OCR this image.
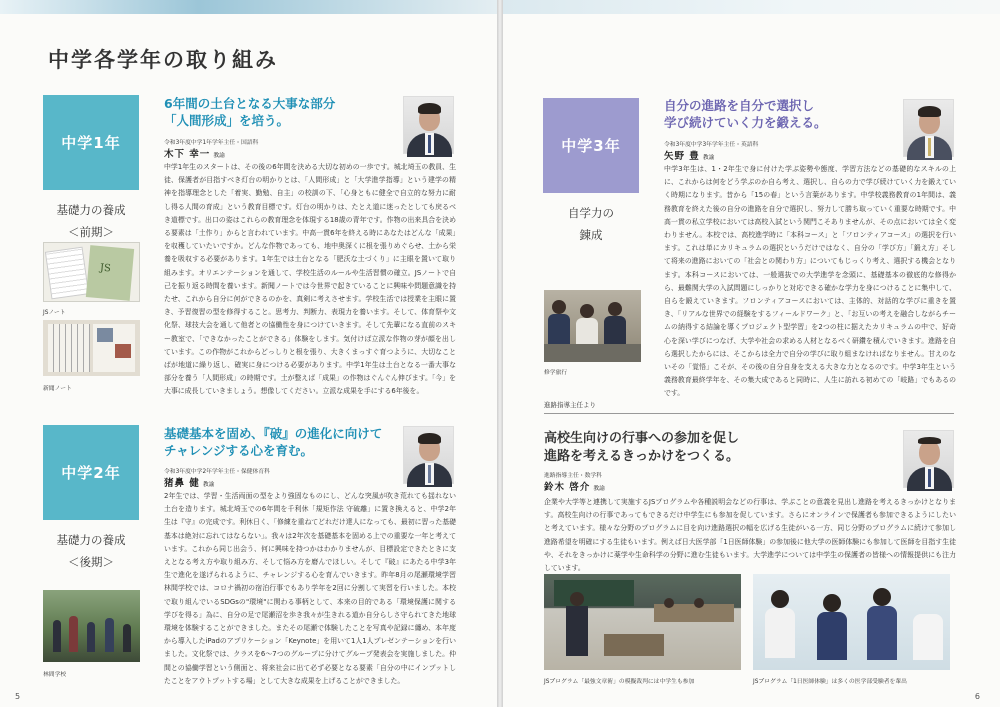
中学各学年の取り組み
中学1年
基礎力の養成
＜前期＞
6年間の土台となる大事な部分
「人間形成」を培う。
令和3年度中学1年学年主任・国語科
木下 幸一 教諭
中学1年生のスタートは、その後の6年間を決める大切な初めの一歩です。城北埼玉の教員、生徒、保護者が目指すべき灯台の明かりとは、「人間形成」と「大学進学指導」という建学の精神を指導理念とした「着実、勤勉、自主」の校訓の下、「心身ともに健全で自立的な努力に耐し得る人間の育成」という教育目標です。灯台の明かりは、たとえ道に迷ったとしても戻るべき道標です。出口の姿はこれらの教育理念を体現する18歳の青年です。作物の出来具合を決める要素は「土作り」からと言われています。中高一貫6年を終える時にあなたはどんな「成果」を収穫していたいですか。どんな作物であっても、地中奥深くに根を張りめぐらせ、土から栄養を吸収する必要があります。1年生では土台となる「肥沃な土づくり」に主眼を置いて取り組みます。オリエンテーションを通して、学校生活のルールや生活習慣の確立。JSノートで自己を振り返る時間を養います。新聞ノートでは今世界で起きていることに興味や問題意識を持たせ、これから自分に何ができるのかを、真剣に考えさせます。学校生活では授業を主眼に置き、予習復習の型を修得すること。思考力、判断力、表現力を養います。そして、体育祭や文化祭、球技大会を通して他者との協働性を身につけていきます。そして先輩になる直前のスキー教室で、「できなかったことができる」体験をします。気付けば立派な作物の芽が顔を出しています。この作物がこれからどっしりと根を張り、大きくまっすぐ育つように、大切なことばが地道に繰り返し、確実に身につける必要があります。中学1年生は土台となる一番大事な部分を養う「人間形成」の時期です。土が整えば「成果」の作物はぐんぐん伸びます。「今」を大事に成長していきましょう。想像してください。立派な成果を手にする6年後を。
JS
JSノート
新聞ノート
中学2年
基礎力の養成
＜後期＞
基礎基本を固め、『破』の進化に向けて
チャレンジする心を育む。
令和3年度中学2年学年主任・保健体育科
猪鼻 健 教諭
2年生では、学習・生活両面の型をより強固なものにし、どんな突風が吹き荒れても揺れない土台を造ります。城北埼玉での6年間を千利休「規矩作法 守破離」に置き換えると、中学2年生は『守』の完成です。利休日く、「修練を重ねてどれだけ達人になっても、最初に習った基礎基本は絶対に忘れてはならない」。我々は2年次を基礎基本を固める上での重要な一年と考えています。これから同じ出会う、何に興味を持つかはわかりませんが、目標設定できたときに支えとなる考え方や取り組み方、そして悩み方を磨んでほしい。そして『破』にあたる中学3年生で進化を遂げられるように、チャレンジする心を育んでいきます。昨年8月の尾瀬環境学習林間学校では、コロナ禍初の宿泊行事でもあり学年を2回に分割して実習を行いました。本校で取り組んでいるSDGsの"環境"に関わる事柄として、本来の目的である「環境保護に関する学びを得る」為に、自分の足で尾瀬沼を歩き我々が生きれる道か自分らしさ守られてきた地球環境を体験することができました。またその尾瀬で体験したことを写真や記録に纏め、本年度から導入したiPadのアプリケーション「Keynote」を用いて1人1人プレゼンテーションを行いました。文化祭では、クラスを6～7つのグループに分けてグループ発表会を実施しました。仲間との協働学習という側面と、将来社会に出て必ず必要となる要素「自分の中にインプットしたことをアウトプットする場」として大きな成果を上げることができました。
林間学校
5	6
中学3年
自学力の
錬成
自分の進路を自分で選択し
学び続けていく力を鍛える。
令和3年度中学3年学年主任・英語科
矢野 豊 教諭
中学3年生は、1・2年生で身に付けた学ぶ姿勢や態度、学習方法などの基礎的なスキルの上に、これからは何をどう学ぶのか自ら考え、選択し、自らの力で学び続けていく力を鍛えていく時期になります。昔から「15の春」という言葉があります。中学校義務教育の1年間は、義務教育を終えた後の自分の進路を自分で選択し、努力して勝ち取っていく重要な時期です。中高一貫の私立学校においては高校入試という関門こそありませんが、その点においては全く変わりません。本校では、高校進学時に「本科コース」と「フロンティアコース」の選択を行います。これは単にカリキュラムの選択というだけではなく、自分の「学び方」「鍛え方」そして将来の進路においての「社会との関わり方」についてもじっくり考え、選択する機会となります。本科コースにおいては、一般選抜での大学進学を念頭に、基礎基本の徹底的な修得から、最難関大学の入試問題にしっかりと対応できる確かな学力を身につけることに集中して、自らを鍛えていきます。フロンティアコースにおいては、主体的、対話的な学びに重きを置き、「リアルな世界での経験をするフィールドワーク」と、「お互いの考えを融合しながらチームの納得する結論を導くプロジェクト型学習」を2つの柱に据えたカリキュラムの中で、好奇心を深い学びにつなげ、大学や社会の求める人材となるべく研鑽を積んでいきます。進路を自ら選択したからには、そこからは全力で自分の学びに取り組まなければなりません。甘えのないその「覚悟」こそが、その後の自分自身を支える大きな力となるのです。中学3年生という義務教育最終学年を、その集大成であると同時に、人生に訪れる初めての「岐路」でもあるのです。
修学旅行
進路指導主任より
高校生向けの行事への参加を促し
進路を考えるきっかけをつくる。
進路指導主任・数学科
鈴木 啓介 教諭
企業や大学等と連携して実施するJSプログラムや各種説明会などの行事は、学ぶことの意義を見出し進路を考えるきっかけとなります。高校生向けの行事であってもできるだけ中学生にも参加を促しています。さらにオンラインで保護者も参加できるようにしたいと考えています。様々な分野のプログラムに目を向け進路選択の幅を広げる生徒がいる一方、同じ分野のプログラムに続けて参加し進路希望を明確にする生徒もいます。例えば日大医学部「1日医師体験」の参加後に他大学の医師体験にも参加して医師を目指す生徒や、それをきっかけに薬学や生命科学の分野に進む生徒もいます。大学進学については中学生の保護者の皆様への情報提供にも注力しています。
JSプログラム「最強文章術」の模擬裁判には中学生も参加	JSプログラム「1日医師体験」は多くの医学部受験者を輩出
